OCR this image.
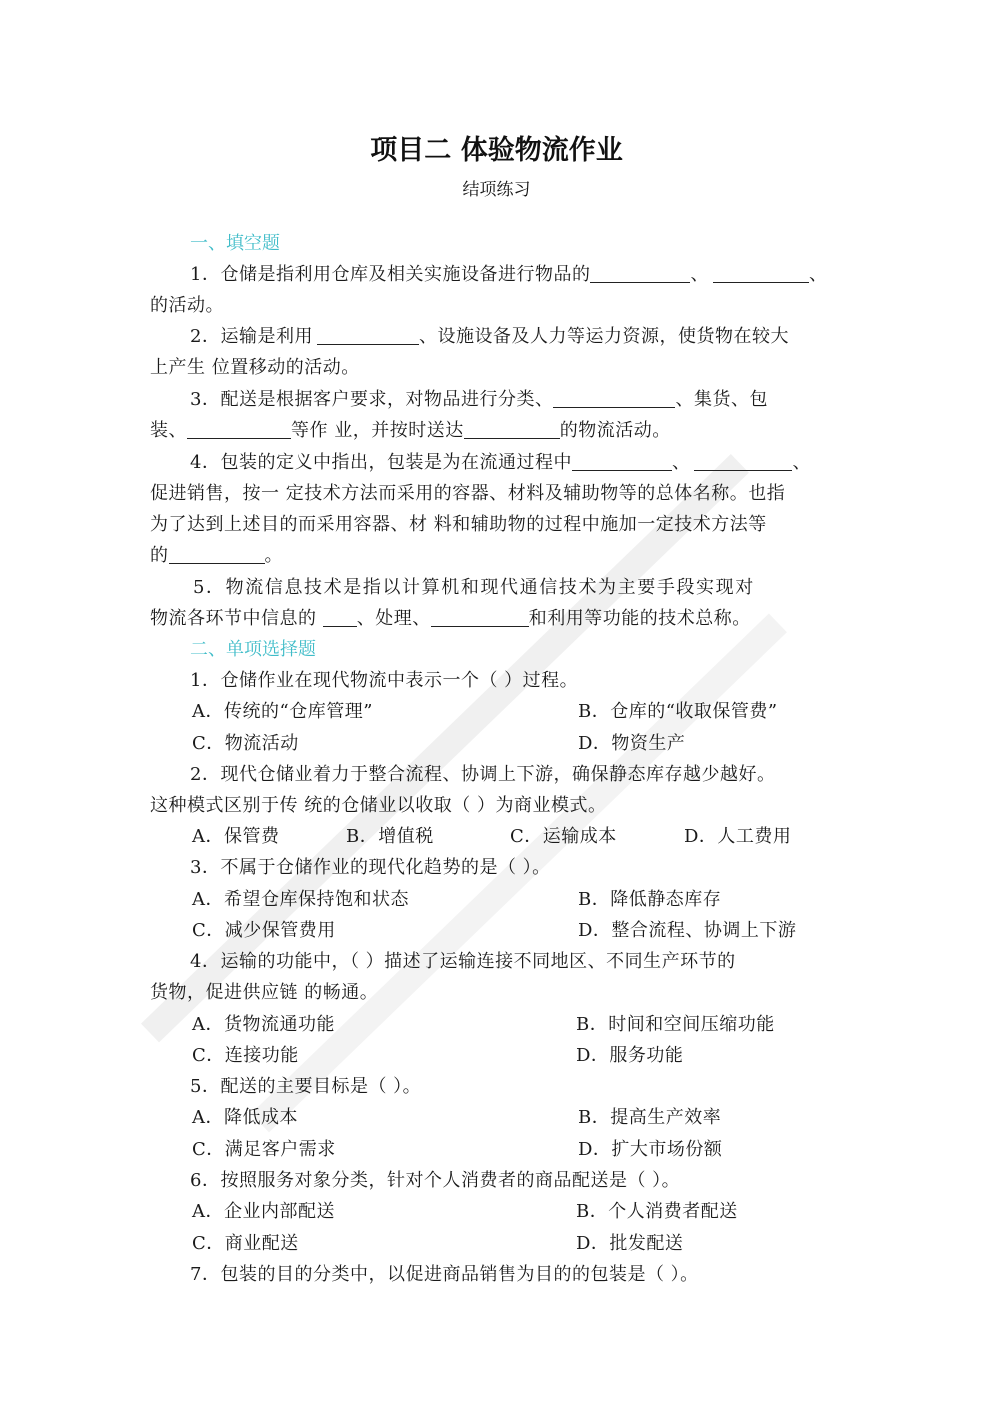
项目二 体验物流作业
结项练习
一、填空题
1．仓储是指利用仓库及相关实施设备进行物品的	、	、
的活动。
2．运输是利用	、设施设备及人力等运力资源，使货物在较大
上产生 位置移动的活动。
3．配送是根据客户要求，对物品进行分类、	、集货、包
装、	等作 业，并按时送达	的物流活动。
4．包装的定义中指出，包装是为在流通过程中	、	、
促进销售，按一 定技术方法而采用的容器、材料及辅助物等的总体名称。也指
为了达到上述目的而采用容器、材 料和辅助物的过程中施加一定技术方法等
的	。
5．物流信息技术是指以计算机和现代通信技术为主要手段实现对
物流各环节中信息的 、处理、	和利用等功能的技术总称。
二、单项选择题
1．仓储作业在现代物流中表示一个（ ）过程。
A．传统的“仓库管理”	B．仓库的“收取保管费”
C．物流活动	D．物资生产
2．现代仓储业着力于整合流程、协调上下游，确保静态库存越少越好。
这种模式区别于传 统的仓储业以收取（ ）为商业模式。
A．保管费	B．增值税	C．运输成本	D．人工费用
3．不属于仓储作业的现代化趋势的是（ ）。
A．希望仓库保持饱和状态	B．降低静态库存
C．减少保管费用	D．整合流程、协调上下游
4．运输的功能中，（ ）描述了运输连接不同地区、不同生产环节的
货物，促进供应链 的畅通。
A．货物流通功能	B．时间和空间压缩功能
C．连接功能	D．服务功能
5．配送的主要目标是（ ）。
A．降低成本	B．提高生产效率
C．满足客户需求	D．扩大市场份额
6．按照服务对象分类，针对个人消费者的商品配送是（ ）。
A．企业内部配送	B．个人消费者配送
C．商业配送	D．批发配送
7．包装的目的分类中，以促进商品销售为目的的包装是（ ）。
